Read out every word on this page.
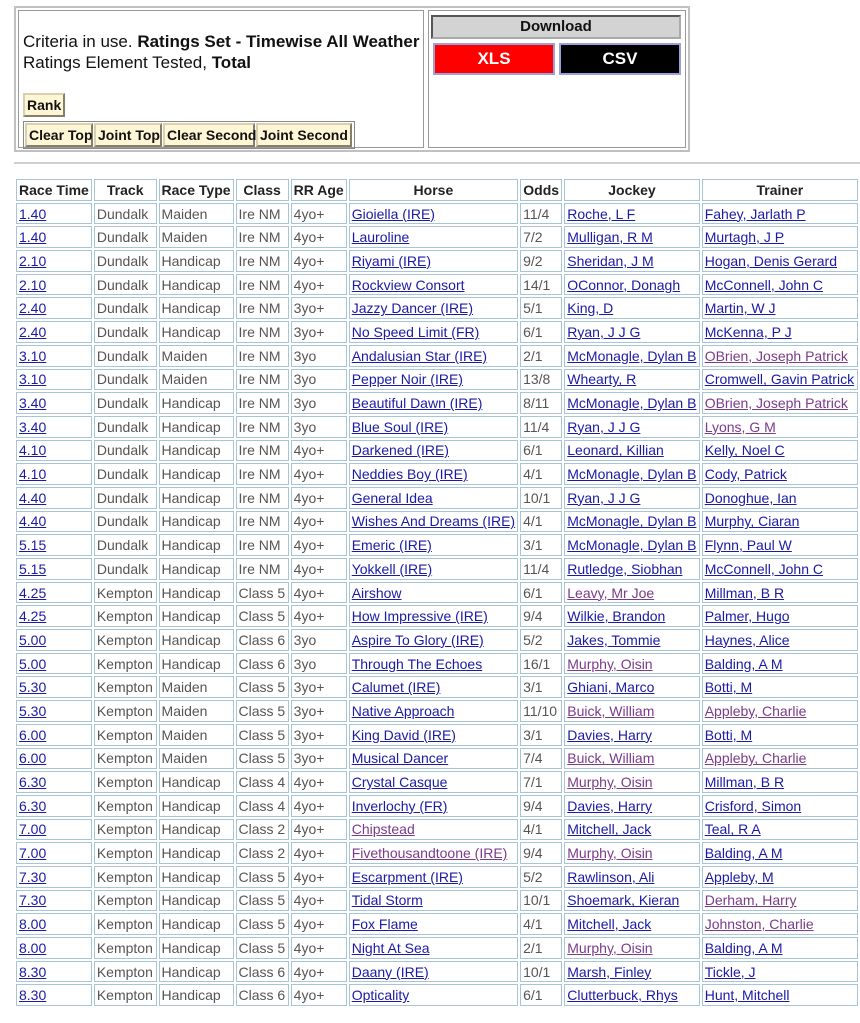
Criteria in use. Ratings Set - Timewise All Weather
Ratings Element Tested, Total
Rank
Clear Top Joint Top Clear Second Joint Second
Download
XLS	CSV
Race Time	Track	Race Type	Class	RR Age	Horse	Odds	Jockey	Trainer
1.40	Dundalk	Maiden	Ire NM	4yo+	Gioiella (IRE)	11/4	Roche, L F	Fahey, Jarlath P
1.40	Dundalk	Maiden	Ire NM	4yo+	Lauroline	7/2	Mulligan, R M	Murtagh, J P
2.10	Dundalk	Handicap	Ire NM	4yo+	Riyami (IRE)	9/2	Sheridan, J M	Hogan, Denis Gerard
2.10	Dundalk	Handicap	Ire NM	4yo+	Rockview Consort	14/1	OConnor, Donagh	McConnell, John C
2.40	Dundalk	Handicap	Ire NM	3yo+	Jazzy Dancer (IRE)	5/1	King, D	Martin, W J
2.40	Dundalk	Handicap	Ire NM	3yo+	No Speed Limit (FR)	6/1	Ryan, J J G	McKenna, P J
3.10	Dundalk	Maiden	Ire NM	3yo	Andalusian Star (IRE)	2/1	McMonagle, Dylan B	OBrien, Joseph Patrick
3.10	Dundalk	Maiden	Ire NM	3yo	Pepper Noir (IRE)	13/8	Whearty, R	Cromwell, Gavin Patrick
3.40	Dundalk	Handicap	Ire NM	3yo	Beautiful Dawn (IRE)	8/11	McMonagle, Dylan B	OBrien, Joseph Patrick
3.40	Dundalk	Handicap	Ire NM	3yo	Blue Soul (IRE)	11/4	Ryan, J J G	Lyons, G M
4.10	Dundalk	Handicap	Ire NM	4yo+	Darkened (IRE)	6/1	Leonard, Killian	Kelly, Noel C
4.10	Dundalk	Handicap	Ire NM	4yo+	Neddies Boy (IRE)	4/1	McMonagle, Dylan B	Cody, Patrick
4.40	Dundalk	Handicap	Ire NM	4yo+	General Idea	10/1	Ryan, J J G	Donoghue, Ian
4.40	Dundalk	Handicap	Ire NM	4yo+	Wishes And Dreams (IRE)	4/1	McMonagle, Dylan B	Murphy, Ciaran
5.15	Dundalk	Handicap	Ire NM	4yo+	Emeric (IRE)	3/1	McMonagle, Dylan B	Flynn, Paul W
5.15	Dundalk	Handicap	Ire NM	4yo+	Yokkell (IRE)	11/4	Rutledge, Siobhan	McConnell, John C
4.25	Kempton	Handicap	Class 5	4yo+	Airshow	6/1	Leavy, Mr Joe	Millman, B R
4.25	Kempton	Handicap	Class 5	4yo+	How Impressive (IRE)	9/4	Wilkie, Brandon	Palmer, Hugo
5.00	Kempton	Handicap	Class 6	3yo	Aspire To Glory (IRE)	5/2	Jakes, Tommie	Haynes, Alice
5.00	Kempton	Handicap	Class 6	3yo	Through The Echoes	16/1	Murphy, Oisin	Balding, A M
5.30	Kempton	Maiden	Class 5	3yo+	Calumet (IRE)	3/1	Ghiani, Marco	Botti, M
5.30	Kempton	Maiden	Class 5	3yo+	Native Approach	11/10	Buick, William	Appleby, Charlie
6.00	Kempton	Maiden	Class 5	3yo+	King David (IRE)	3/1	Davies, Harry	Botti, M
6.00	Kempton	Maiden	Class 5	3yo+	Musical Dancer	7/4	Buick, William	Appleby, Charlie
6.30	Kempton	Handicap	Class 4	4yo+	Crystal Casque	7/1	Murphy, Oisin	Millman, B R
6.30	Kempton	Handicap	Class 4	4yo+	Inverlochy (FR)	9/4	Davies, Harry	Crisford, Simon
7.00	Kempton	Handicap	Class 2	4yo+	Chipstead	4/1	Mitchell, Jack	Teal, R A
7.00	Kempton	Handicap	Class 2	4yo+	Fivethousandtoone (IRE)	9/4	Murphy, Oisin	Balding, A M
7.30	Kempton	Handicap	Class 5	4yo+	Escarpment (IRE)	5/2	Rawlinson, Ali	Appleby, M
7.30	Kempton	Handicap	Class 5	4yo+	Tidal Storm	10/1	Shoemark, Kieran	Derham, Harry
8.00	Kempton	Handicap	Class 5	4yo+	Fox Flame	4/1	Mitchell, Jack	Johnston, Charlie
8.00	Kempton	Handicap	Class 5	4yo+	Night At Sea	2/1	Murphy, Oisin	Balding, A M
8.30	Kempton	Handicap	Class 6	4yo+	Daany (IRE)	10/1	Marsh, Finley	Tickle, J
8.30	Kempton	Handicap	Class 6	4yo+	Opticality	6/1	Clutterbuck, Rhys	Hunt, Mitchell
